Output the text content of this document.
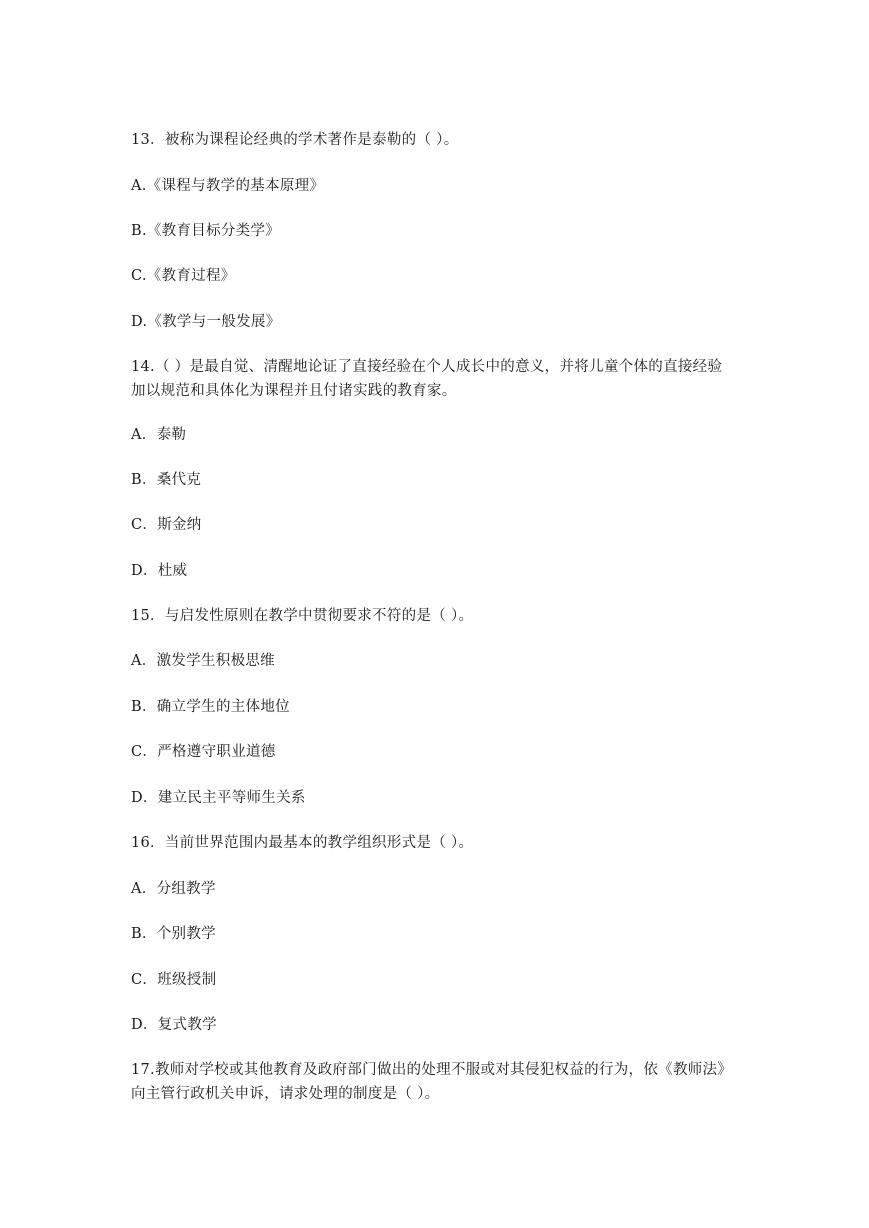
13．被称为课程论经典的学术著作是泰勒的（ ）。
A.《课程与教学的基本原理》
B.《教育目标分类学》
C.《教育过程》
D.《教学与一般发展》
14.（ ）是最自觉、清醒地论证了直接经验在个人成长中的意义，并将儿童个体的直接经验
加以规范和具体化为课程并且付诸实践的教育家。
A．泰勒
B．桑代克
C．斯金纳
D．杜威
15．与启发性原则在教学中贯彻要求不符的是（ ）。
A．激发学生积极思维
B．确立学生的主体地位
C．严格遵守职业道德
D．建立民主平等师生关系
16．当前世界范围内最基本的教学组织形式是（ ）。
A．分组教学
B．个别教学
C．班级授制
D．复式教学
17.教师对学校或其他教育及政府部门做出的处理不服或对其侵犯权益的行为，依《教师法》
向主管行政机关申诉，请求处理的制度是（ ）。
